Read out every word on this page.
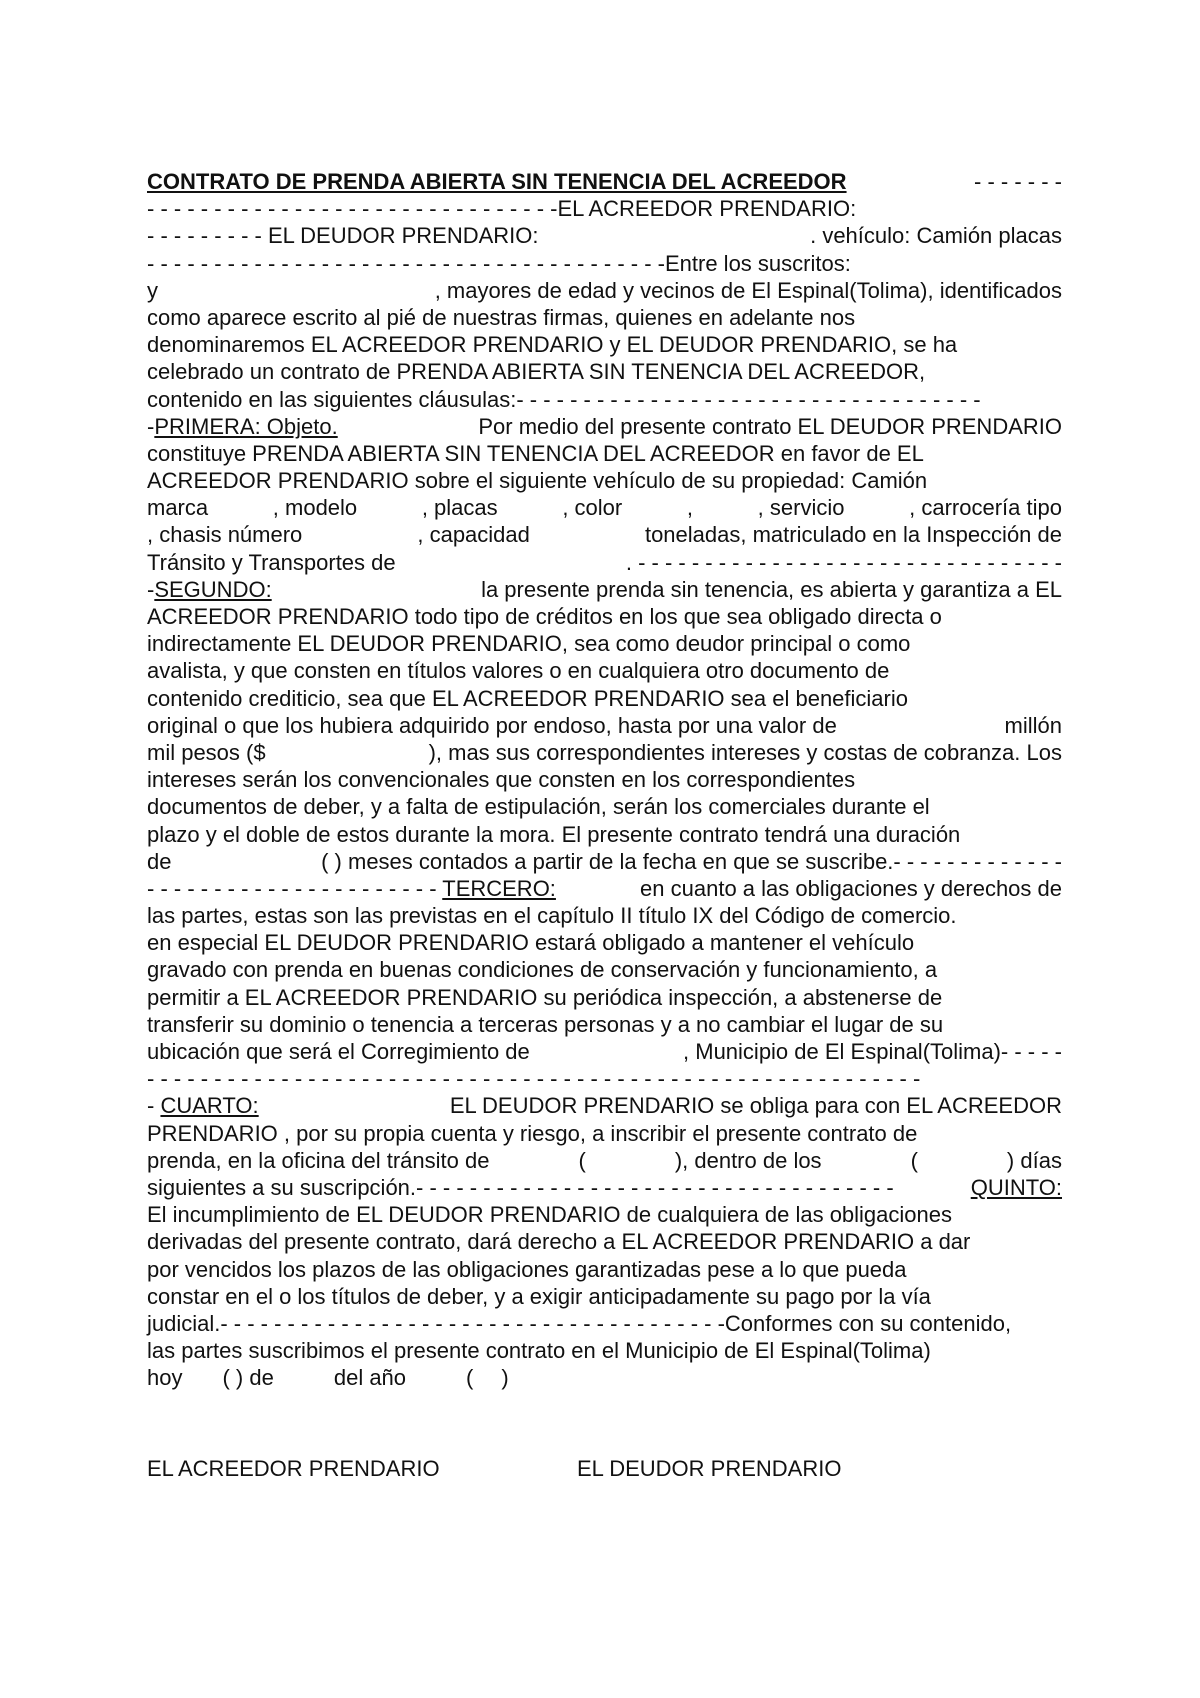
CONTRATO DE PRENDA ABIERTA SIN TENENCIA DEL ACREEDOR	- - - - - - -
- - - - - - - - - - - - - - - - - - - - - - - - - - - - - - -EL ACREEDOR PRENDARIO:
- - - - - - - - - EL DEUDOR PRENDARIO:	. vehículo: Camión placas
- - - - - - - - - - - - - - - - - - - - - - - - - - - - - - - - - - - - - - -Entre los suscritos:
y	, mayores de edad y vecinos de El Espinal(Tolima), identificados
como aparece escrito al pié de nuestras firmas, quienes en adelante nos
denominaremos EL ACREEDOR PRENDARIO y EL DEUDOR PRENDARIO, se ha
celebrado un contrato de PRENDA ABIERTA SIN TENENCIA DEL ACREEDOR,
contenido en las siguientes cláusulas:- - - - - - - - - - - - - - - - - - - - - - - - - - - - - - - - - - -
-PRIMERA: Objeto.	Por medio del presente contrato EL DEUDOR PRENDARIO
constituye PRENDA ABIERTA SIN TENENCIA DEL ACREEDOR en favor de EL
ACREEDOR PRENDARIO sobre el siguiente vehículo de su propiedad: Camión
marca	, modelo	, placas	, color	,	, servicio	, carrocería tipo
, chasis número	, capacidad	toneladas, matriculado en la Inspección de
Tránsito y Transportes de	. - - - - - - - - - - - - - - - - - - - - - - - - - - - - - - - -
-SEGUNDO:	la presente prenda sin tenencia, es abierta y garantiza a EL
ACREEDOR PRENDARIO todo tipo de créditos en los que sea obligado directa o
indirectamente EL DEUDOR PRENDARIO, sea como deudor principal o como
avalista, y que consten en títulos valores o en cualquiera otro documento de
contenido crediticio, sea que EL ACREEDOR PRENDARIO sea el beneficiario
original o que los hubiera adquirido por endoso, hasta por una valor de	millón
mil pesos ($	), mas sus correspondientes intereses y costas de cobranza. Los
intereses serán los convencionales que consten en los correspondientes
documentos de deber, y a falta de estipulación, serán los comerciales durante el
plazo y el doble de estos durante la mora. El presente contrato tendrá una duración
de	( ) meses contados a partir de la fecha en que se suscribe.- - - - - - - - - - - - -
- - - - - - - - - - - - - - - - - - - - - - TERCERO:	en cuanto a las obligaciones y derechos de
las partes, estas son las previstas en el capítulo II título IX del Código de comercio.
en especial EL DEUDOR PRENDARIO estará obligado a mantener el vehículo
gravado con prenda en buenas condiciones de conservación y funcionamiento, a
permitir a EL ACREEDOR PRENDARIO su periódica inspección, a abstenerse de
transferir su dominio o tenencia a terceras personas y a no cambiar el lugar de su
ubicación que será el Corregimiento de	, Municipio de El Espinal(Tolima)- - - - -
- - - - - - - - - - - - - - - - - - - - - - - - - - - - - - - - - - - - - - - - - - - - - - - - - - - - - - - - - -
- CUARTO:	EL DEUDOR PRENDARIO se obliga para con EL ACREEDOR
PRENDARIO , por su propia cuenta y riesgo, a inscribir el presente contrato de
prenda, en la oficina del tránsito de	(	), dentro de los	(	) días
siguientes a su suscripción.- - - - - - - - - - - - - - - - - - - - - - - - - - - - - - - - - - - -	QUINTO:
El incumplimiento de EL DEUDOR PRENDARIO de cualquiera de las obligaciones
derivadas del presente contrato, dará derecho a EL ACREEDOR PRENDARIO a dar
por vencidos los plazos de las obligaciones garantizadas pese a lo que pueda
constar en el o los títulos de deber, y a exigir anticipadamente su pago por la vía
judicial.- - - - - - - - - - - - - - - - - - - - - - - - - - - - - - - - - - - - - -Conformes con su contenido,
las partes suscribimos el presente contrato en el Municipio de El Espinal(Tolima)
hoy ( ) de	del año	( )
EL ACREEDOR PRENDARIO	EL DEUDOR PRENDARIO
